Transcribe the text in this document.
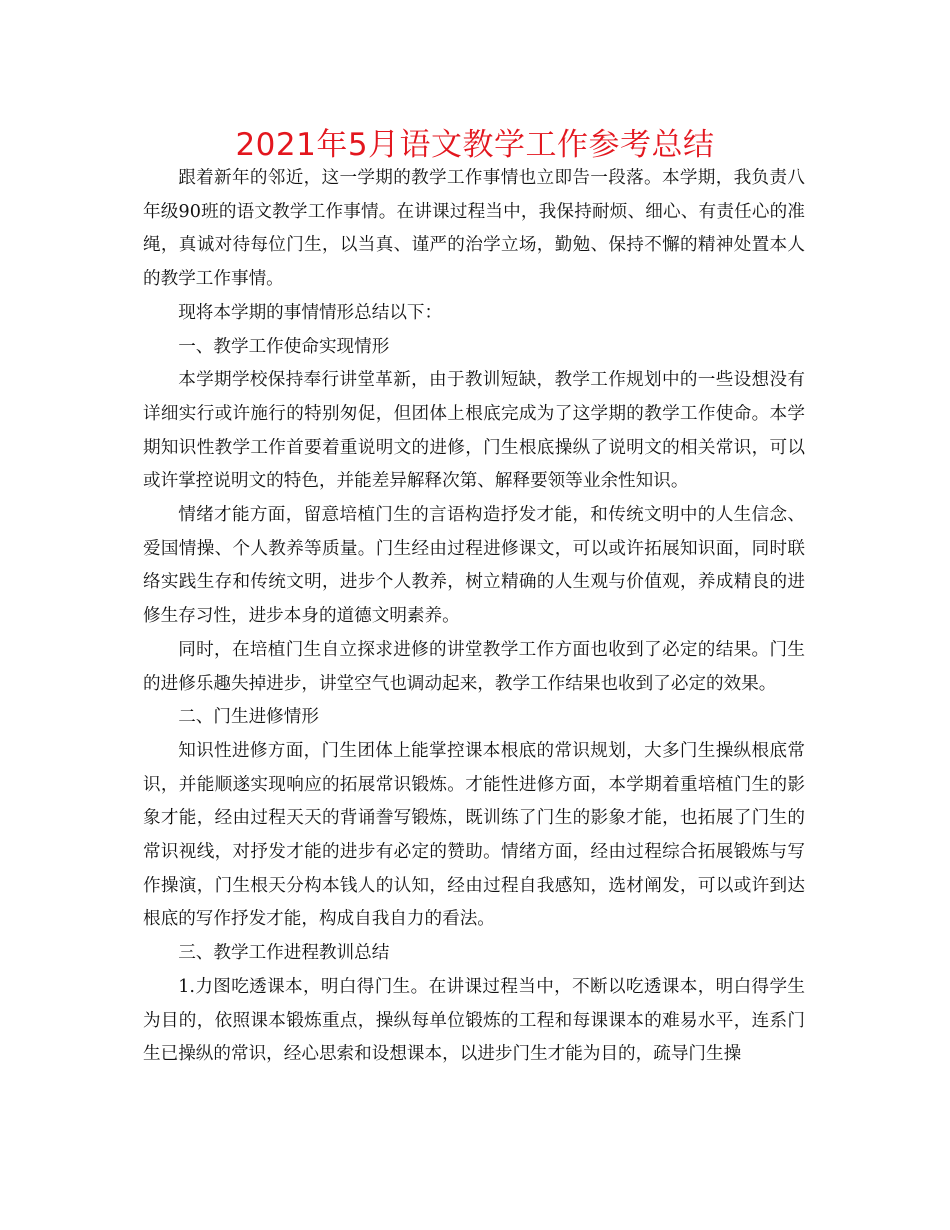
2021年5月语文教学工作参考总结

跟着新年的邻近，这一学期的教学工作事情也立即告一段落。本学期，我负责八年级90班的语文教学工作事情。在讲课过程当中，我保持耐烦、细心、有责任心的准绳，真诚对待每位门生，以当真、谨严的治学立场，勤勉、保持不懈的精神处置本人的教学工作事情。

现将本学期的事情情形总结以下：

一、教学工作使命实现情形

本学期学校保持奉行讲堂革新，由于教训短缺，教学工作规划中的一些设想没有详细实行或许施行的特别匆促，但团体上根底完成为了这学期的教学工作使命。本学期知识性教学工作首要着重说明文的进修，门生根底操纵了说明文的相关常识，可以或许掌控说明文的特色，并能差异解释次第、解释要领等业余性知识。

情绪才能方面，留意培植门生的言语构造抒发才能，和传统文明中的人生信念、爱国情操、个人教养等质量。门生经由过程进修课文，可以或许拓展知识面，同时联络实践生存和传统文明，进步个人教养，树立精确的人生观与价值观，养成精良的进修生存习性，进步本身的道德文明素养。

同时，在培植门生自立探求进修的讲堂教学工作方面也收到了必定的结果。门生的进修乐趣失掉进步，讲堂空气也调动起来，教学工作结果也收到了必定的效果。

二、门生进修情形

知识性进修方面，门生团体上能掌控课本根底的常识规划，大多门生操纵根底常识，并能顺遂实现响应的拓展常识锻炼。才能性进修方面，本学期着重培植门生的影象才能，经由过程天天的背诵誊写锻炼，既训练了门生的影象才能，也拓展了门生的常识视线，对抒发才能的进步有必定的赞助。情绪方面，经由过程综合拓展锻炼与写作操演，门生根天分构本钱人的认知，经由过程自我感知，选材阐发，可以或许到达根底的写作抒发才能，构成自我自力的看法。

三、教学工作进程教训总结

1.力图吃透课本，明白得门生。在讲课过程当中，不断以吃透课本，明白得学生为目的，依照课本锻炼重点，操纵每单位锻炼的工程和每课课本的难易水平，连系门生已操纵的常识，经心思索和设想课本，以进步门生才能为目的，疏导门生操
